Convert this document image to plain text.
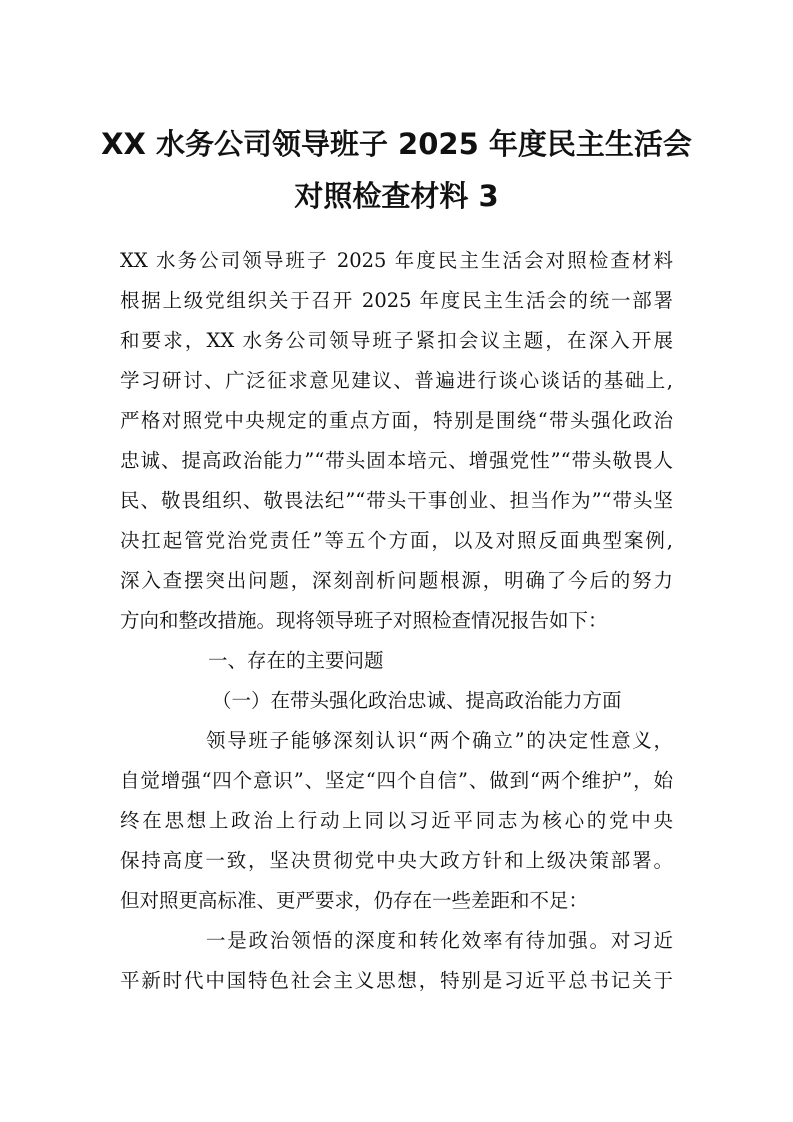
XX 水务公司领导班子 2025 年度民主生活会
对照检查材料 3

XX 水务公司领导班子 2025 年度民主生活会对照检查材料

根据上级党组织关于召开 2025 年度民主生活会的统一部署

和要求，XX 水务公司领导班子紧扣会议主题，在深入开展

学习研讨、广泛征求意见建议、普遍进行谈心谈话的基础上,

严格对照党中央规定的重点方面，特别是围绕“带头强化政治

忠诚、提高政治能力”“带头固本培元、增强党性”“带头敬畏人

民、敬畏组织、敬畏法纪”“带头干事创业、担当作为”“带头坚

决扛起管党治党责任”等五个方面，以及对照反面典型案例,

深入查摆突出问题，深刻剖析问题根源，明确了今后的努力

方向和整改措施。现将领导班子对照检查情况报告如下：

一、存在的主要问题

（一）在带头强化政治忠诚、提高政治能力方面

领导班子能够深刻认识“两个确立”的决定性意义，

自觉增强“四个意识”、坚定“四个自信”、做到“两个维护”，始

终在思想上政治上行动上同以习近平同志为核心的党中央

保持高度一致，坚决贯彻党中央大政方针和上级决策部署。

但对照更高标准、更严要求，仍存在一些差距和不足：

一是政治领悟的深度和转化效率有待加强。对习近

平新时代中国特色社会主义思想，特别是习近平总书记关于
